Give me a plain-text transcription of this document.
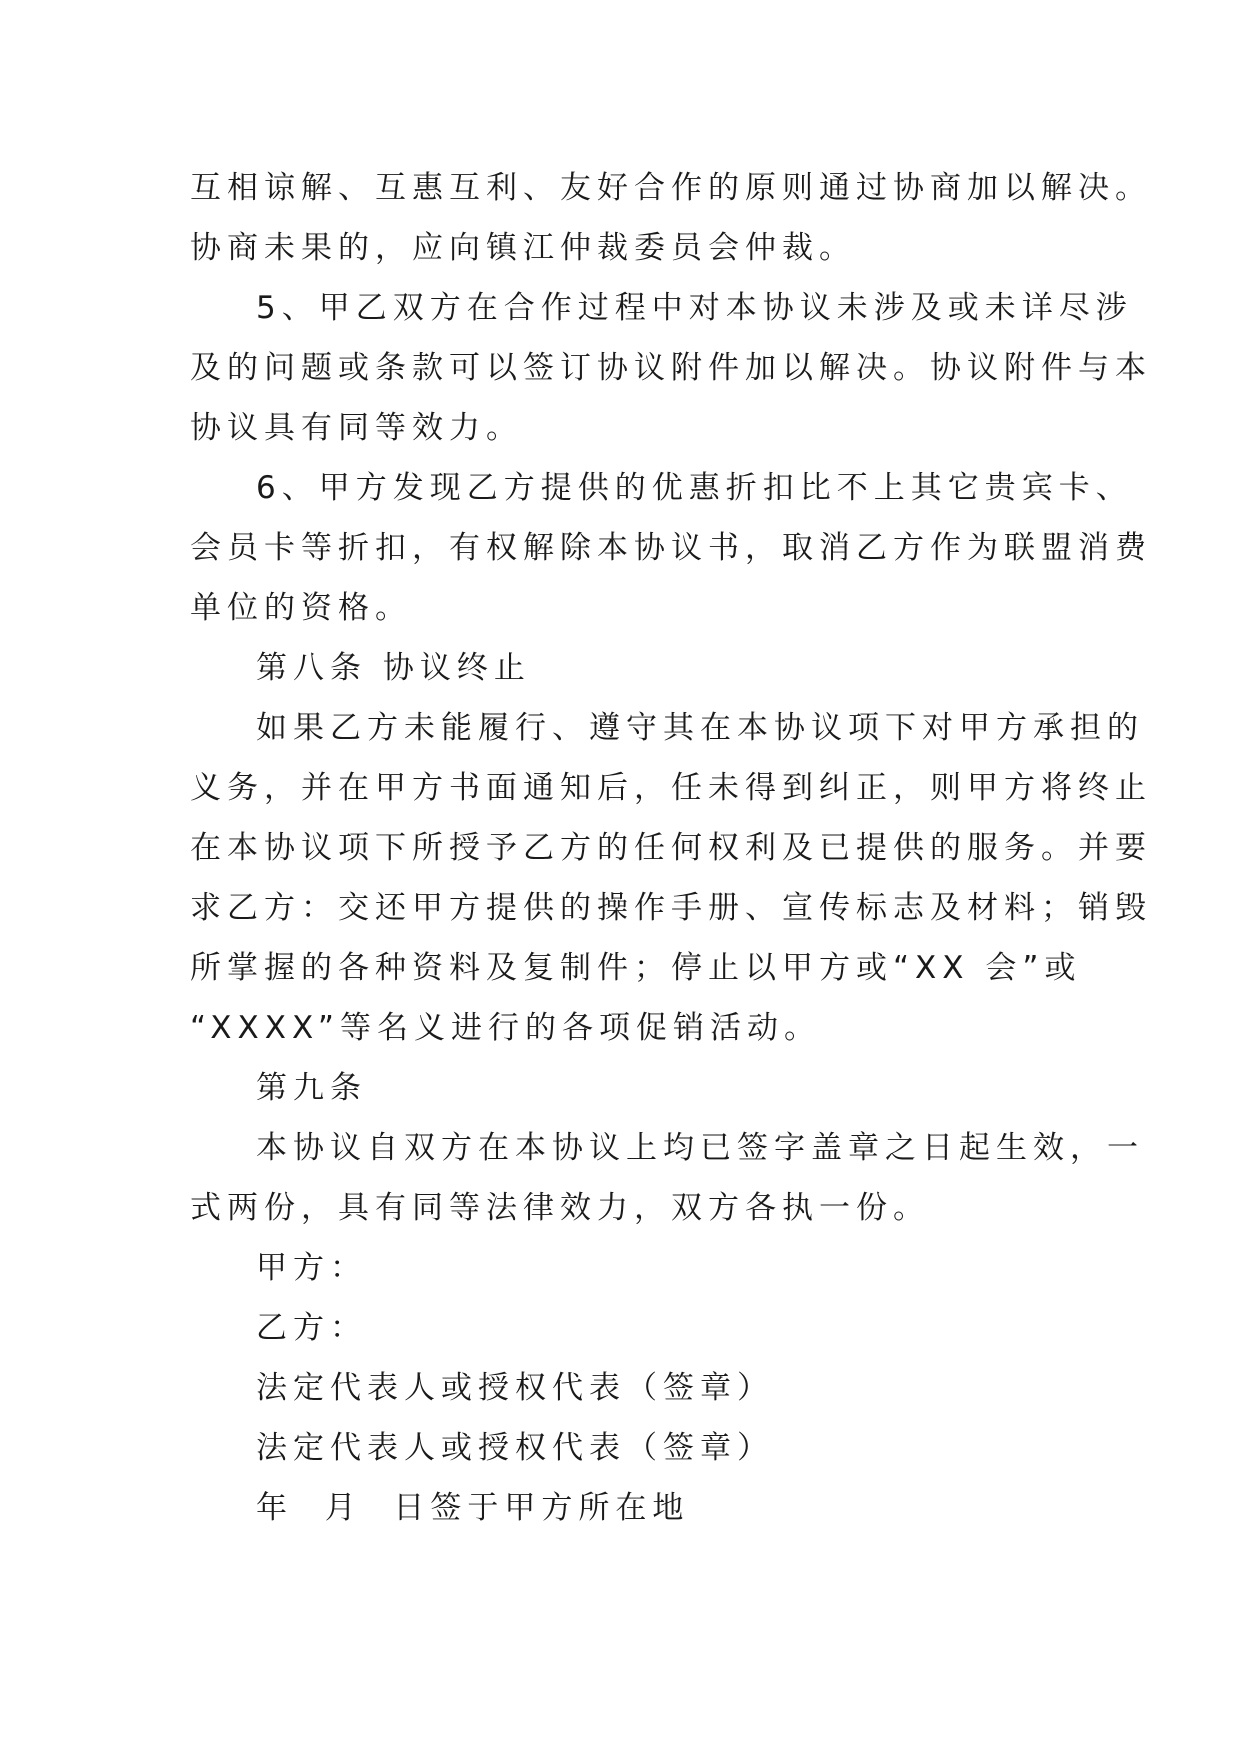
互相谅解、互惠互利、友好合作的原则通过协商加以解决。
协商未果的，应向镇江仲裁委员会仲裁。
5、甲乙双方在合作过程中对本协议未涉及或未详尽涉
及的问题或条款可以签订协议附件加以解决。协议附件与本
协议具有同等效力。
6、甲方发现乙方提供的优惠折扣比不上其它贵宾卡、
会员卡等折扣，有权解除本协议书，取消乙方作为联盟消费
单位的资格。
第八条 协议终止
如果乙方未能履行、遵守其在本协议项下对甲方承担的
义务，并在甲方书面通知后，任未得到纠正，则甲方将终止
在本协议项下所授予乙方的任何权利及已提供的服务。并要
求乙方：交还甲方提供的操作手册、宣传标志及材料；销毁
所掌握的各种资料及复制件；停止以甲方或“XX 会”或
“XXXX”等名义进行的各项促销活动。
第九条
本协议自双方在本协议上均已签字盖章之日起生效，一
式两份，具有同等法律效力，双方各执一份。
甲方：
乙方：
法定代表人或授权代表（签章）
法定代表人或授权代表（签章）
年  月  日签于甲方所在地
